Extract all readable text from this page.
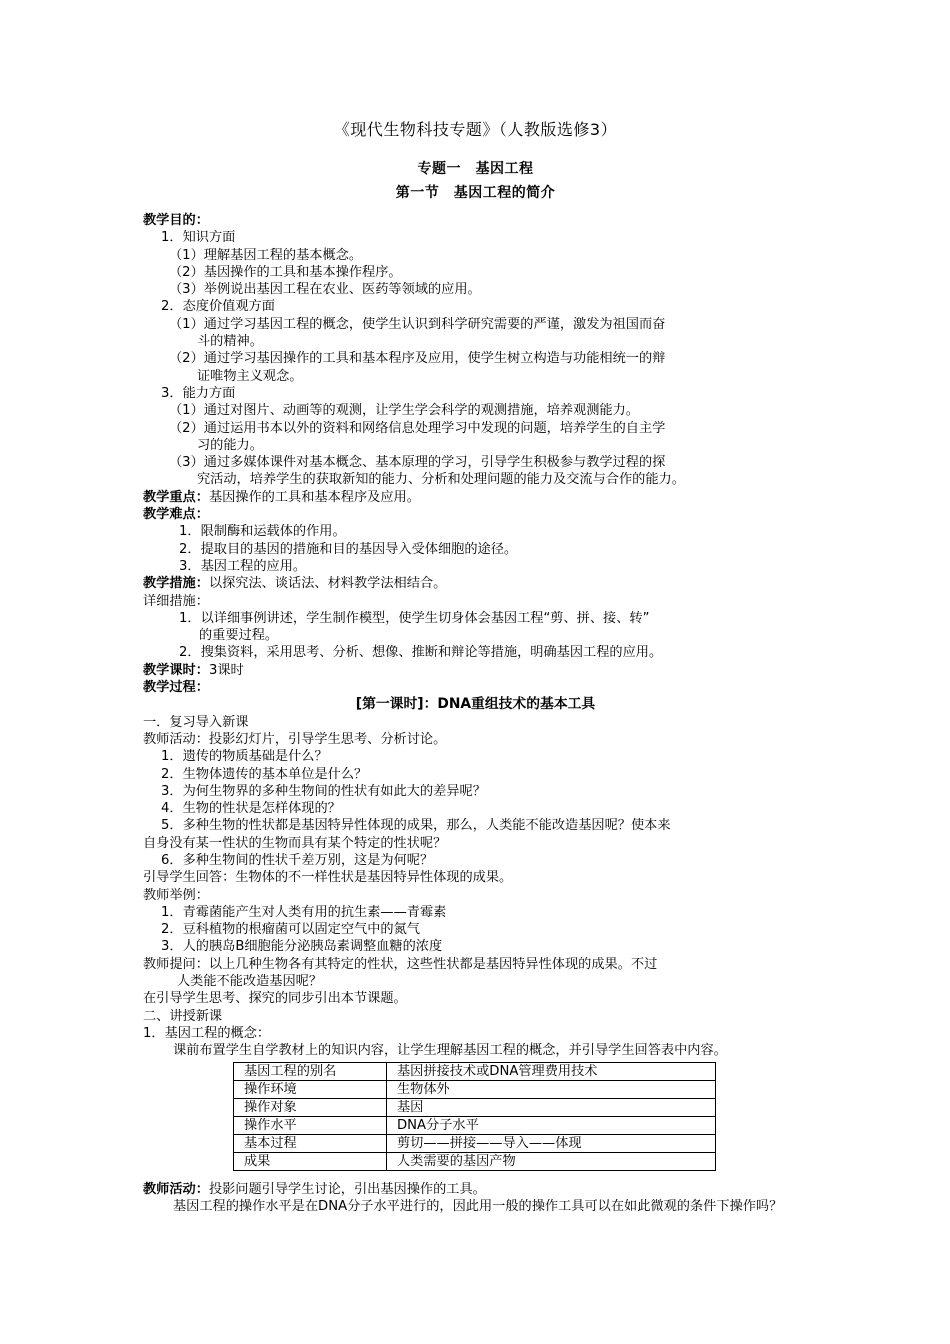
《现代生物科技专题》（人教版选修3）
专题一　基因工程
第一节　基因工程的简介
教学目的：
1．知识方面
（1）理解基因工程的基本概念。
（2）基因操作的工具和基本操作程序。
（3）举例说出基因工程在农业、医药等领域的应用。
2．态度价值观方面
（1）通过学习基因工程的概念，使学生认识到科学研究需要的严谨，激发为祖国而奋
斗的精神。
（2）通过学习基因操作的工具和基本程序及应用，使学生树立构造与功能相统一的辩
证唯物主义观念。
3．能力方面
（1）通过对图片、动画等的观测，让学生学会科学的观测措施，培养观测能力。
（2）通过运用书本以外的资料和网络信息处理学习中发现的问题，培养学生的自主学
习的能力。
（3）通过多媒体课件对基本概念、基本原理的学习，引导学生积极参与教学过程的探
究活动，培养学生的获取新知的能力、分析和处理问题的能力及交流与合作的能力。
教学重点：基因操作的工具和基本程序及应用。
教学难点：
1．限制酶和运载体的作用。
2．提取目的基因的措施和目的基因导入受体细胞的途径。
3．基因工程的应用。
教学措施：以探究法、谈话法、材料教学法相结合。
详细措施：
1．以详细事例讲述，学生制作模型，使学生切身体会基因工程“剪、拼、接、转”
的重要过程。
2．搜集资料，采用思考、分析、想像、推断和辩论等措施，明确基因工程的应用。
教学课时：3课时
教学过程：
[第一课时]：DNA重组技术的基本工具
一．复习导入新课
教师活动：投影幻灯片，引导学生思考、分析讨论。
1．遗传的物质基础是什么？
2．生物体遗传的基本单位是什么？
3．为何生物界的多种生物间的性状有如此大的差异呢？
4．生物的性状是怎样体现的？
5．多种生物的性状都是基因特异性体现的成果，那么，人类能不能改造基因呢？使本来
自身没有某一性状的生物而具有某个特定的性状呢？
6．多种生物间的性状千差万别，这是为何呢？
引导学生回答：生物体的不一样性状是基因特异性体现的成果。
教师举例：
1．青霉菌能产生对人类有用的抗生素——青霉素
2．豆科植物的根瘤菌可以固定空气中的氮气
3．人的胰岛B细胞能分泌胰岛素调整血糖的浓度
教师提问：以上几种生物各有其特定的性状，这些性状都是基因特异性体现的成果。不过
人类能不能改造基因呢？
在引导学生思考、探究的同步引出本节课题。
二、讲授新课
1．基因工程的概念：
课前布置学生自学教材上的知识内容，让学生理解基因工程的概念，并引导学生回答表中内容。
基因工程的别名	基因拼接技术或DNA管理费用技术
操作环境	生物体外
操作对象	基因
操作水平	DNA分子水平
基本过程	剪切——拼接——导入——体现
成果	人类需要的基因产物
教师活动：投影问题引导学生讨论，引出基因操作的工具。
基因工程的操作水平是在DNA分子水平进行的，因此用一般的操作工具可以在如此微观的条件下操作吗？
